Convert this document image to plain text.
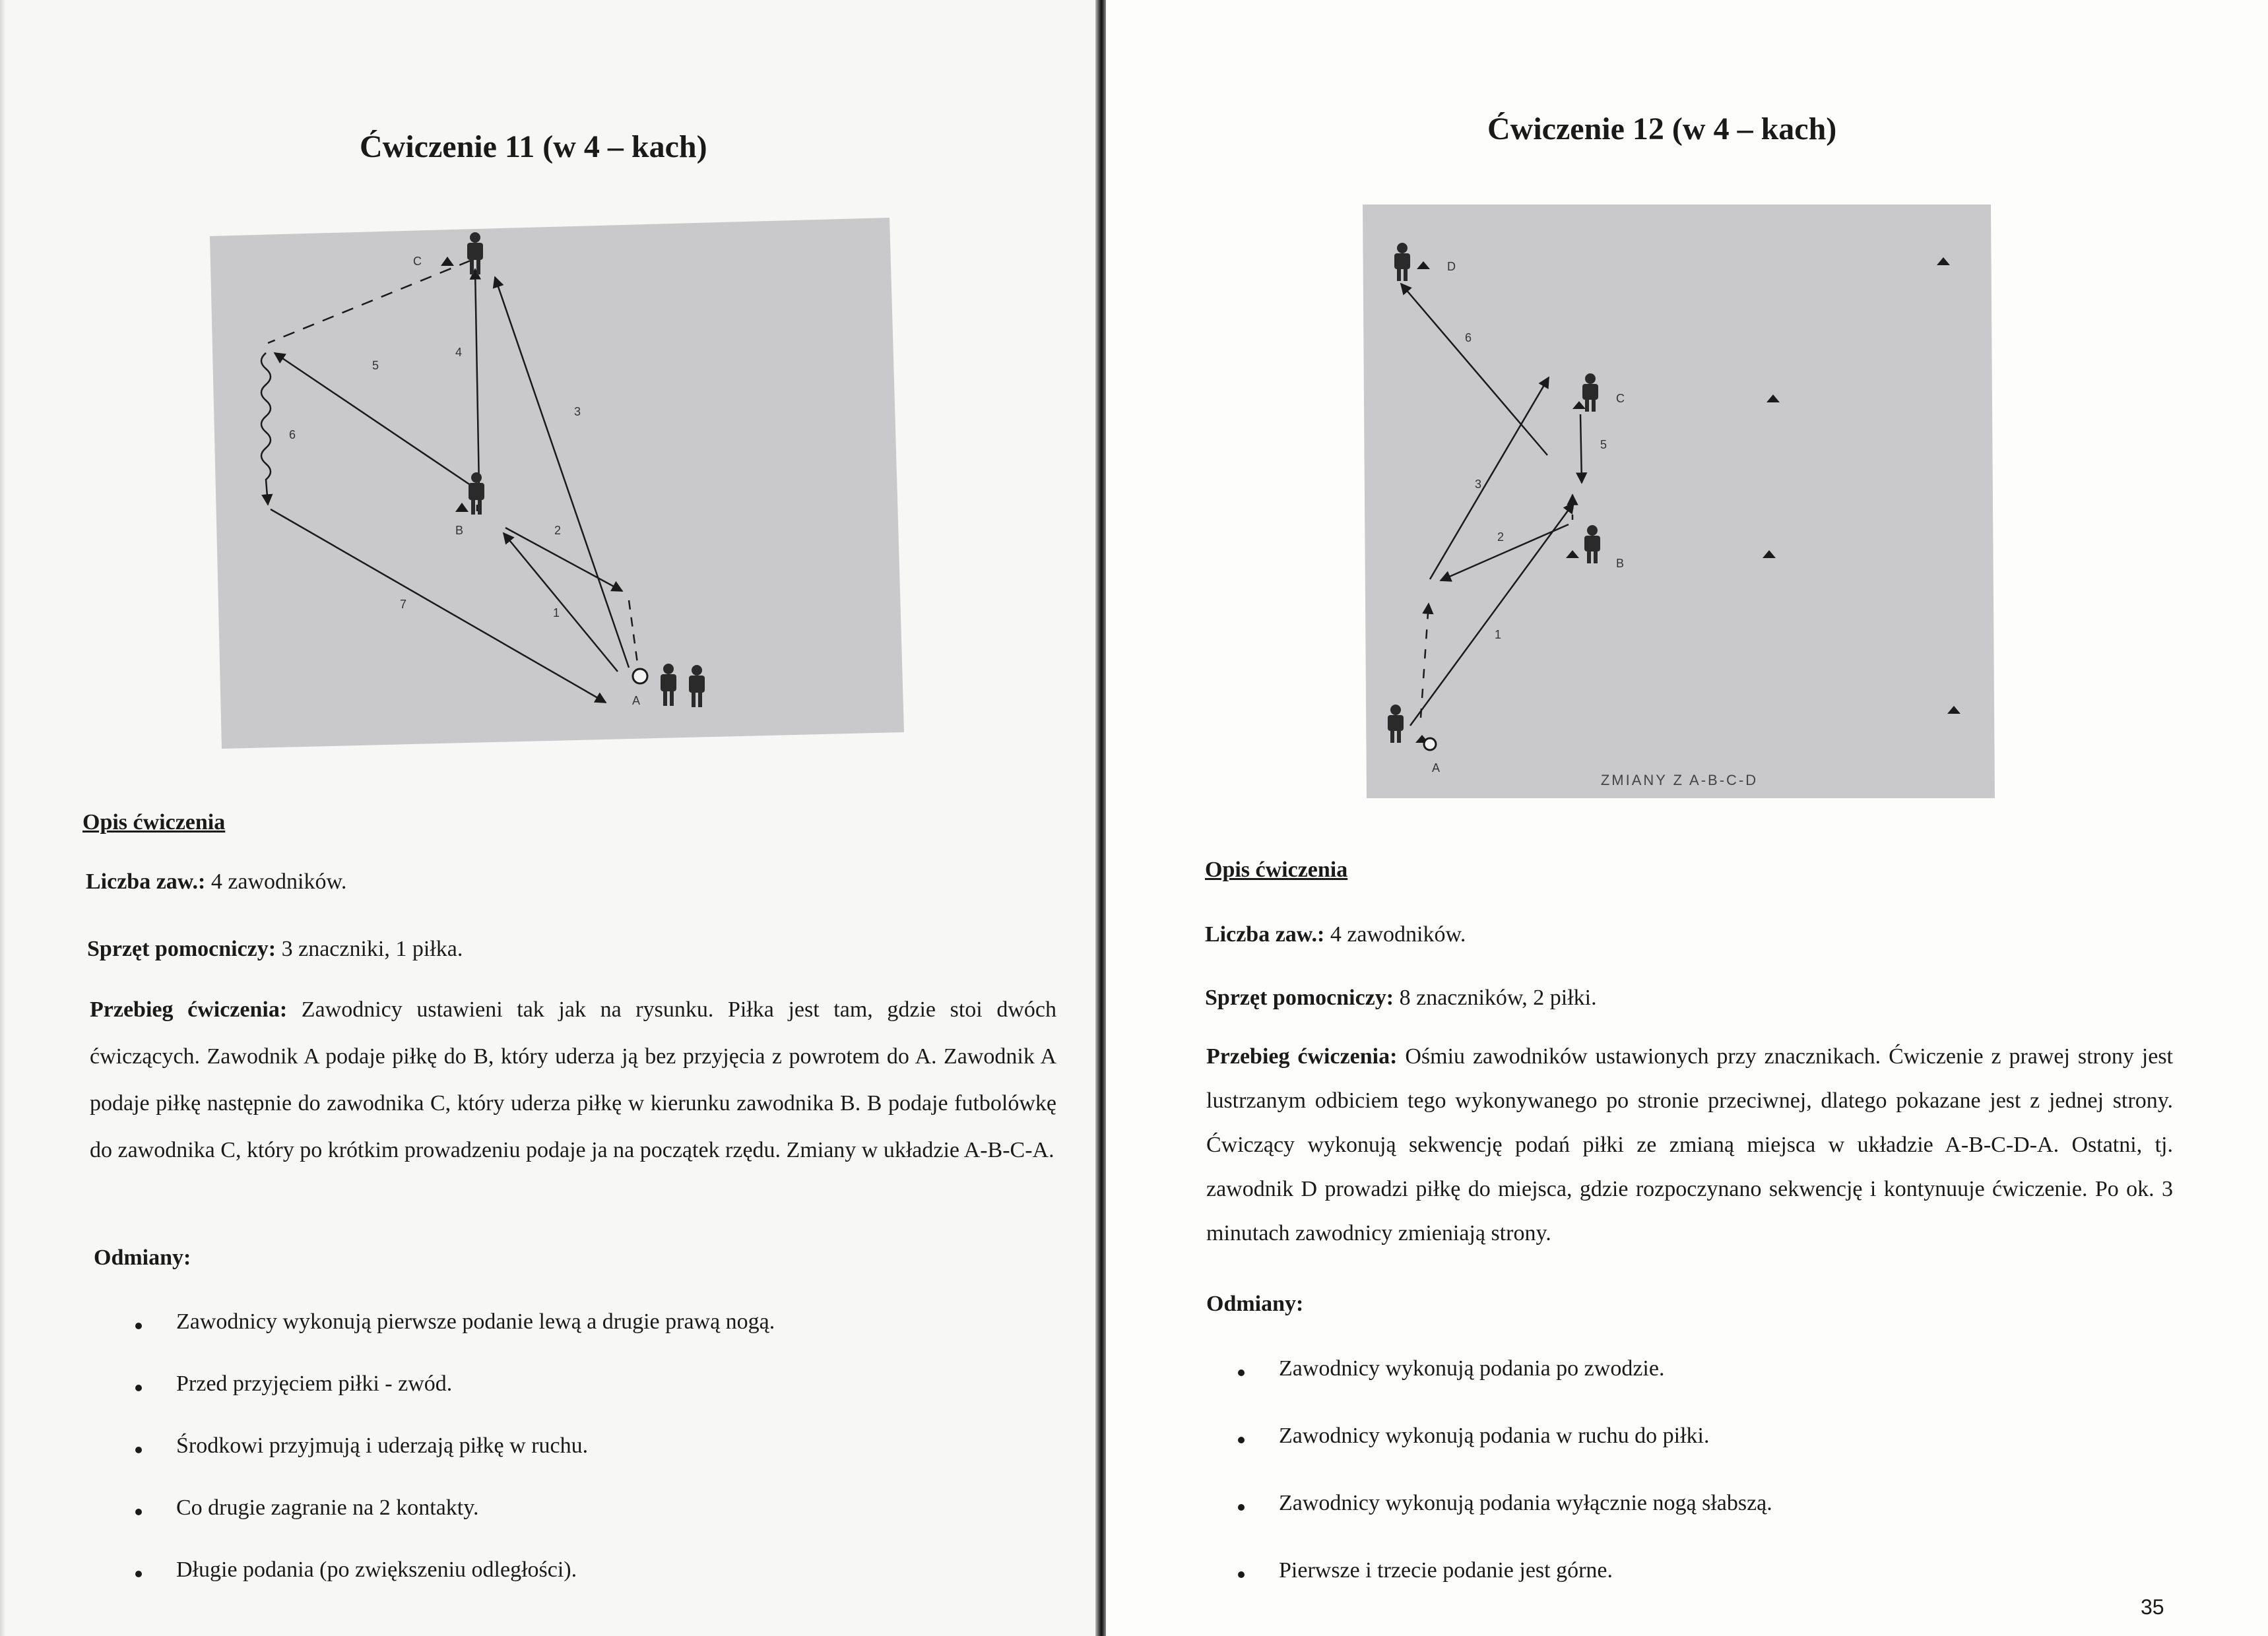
Ćwiczenie 11 (w 4 – kach)
C
B
A
1
2
3
4
5
6
7
Opis ćwiczenia
Liczba zaw.: 4 zawodników.
Sprzęt pomocniczy: 3 znaczniki, 1 piłka.
Przebieg ćwiczenia: Zawodnicy ustawieni tak jak na rysunku. Piłka jest tam, gdzie stoi dwóch ćwiczących. Zawodnik A podaje piłkę do B, który uderza ją bez przyjęcia z powrotem do A. Zawodnik A podaje piłkę następnie do zawodnika C, który uderza piłkę w kierunku zawodnika B. B podaje futbolówkę do zawodnika C, który po krótkim prowadzeniu podaje ja na początek rzędu. Zmiany w układzie A-B-C-A.
Odmiany:
Zawodnicy wykonują pierwsze podanie lewą a drugie prawą nogą.
Przed przyjęciem piłki - zwód.
Środkowi przyjmują i uderzają piłkę w ruchu.
Co drugie zagranie na 2 kontakty.
Długie podania (po zwiększeniu odległości).
Ćwiczenie 12 (w 4 – kach)
D
C
B
A
1
2
3
5
6
ZMIANY Z A-B-C-D
Opis ćwiczenia
Liczba zaw.: 4 zawodników.
Sprzęt pomocniczy: 8 znaczników, 2 piłki.
Przebieg ćwiczenia: Ośmiu zawodników ustawionych przy znacznikach. Ćwiczenie z prawej strony jest lustrzanym odbiciem tego wykonywanego po stronie przeciwnej, dlatego pokazane jest z jednej strony. Ćwiczący wykonują sekwencję podań piłki ze zmianą miejsca w układzie A-B-C-D-A. Ostatni, tj. zawodnik D prowadzi piłkę do miejsca, gdzie rozpoczynano sekwencję i kontynuuje ćwiczenie. Po ok. 3 minutach zawodnicy zmieniają strony.
Odmiany:
Zawodnicy wykonują podania po zwodzie.
Zawodnicy wykonują podania w ruchu do piłki.
Zawodnicy wykonują podania wyłącznie nogą słabszą.
Pierwsze i trzecie podanie jest górne.
35
